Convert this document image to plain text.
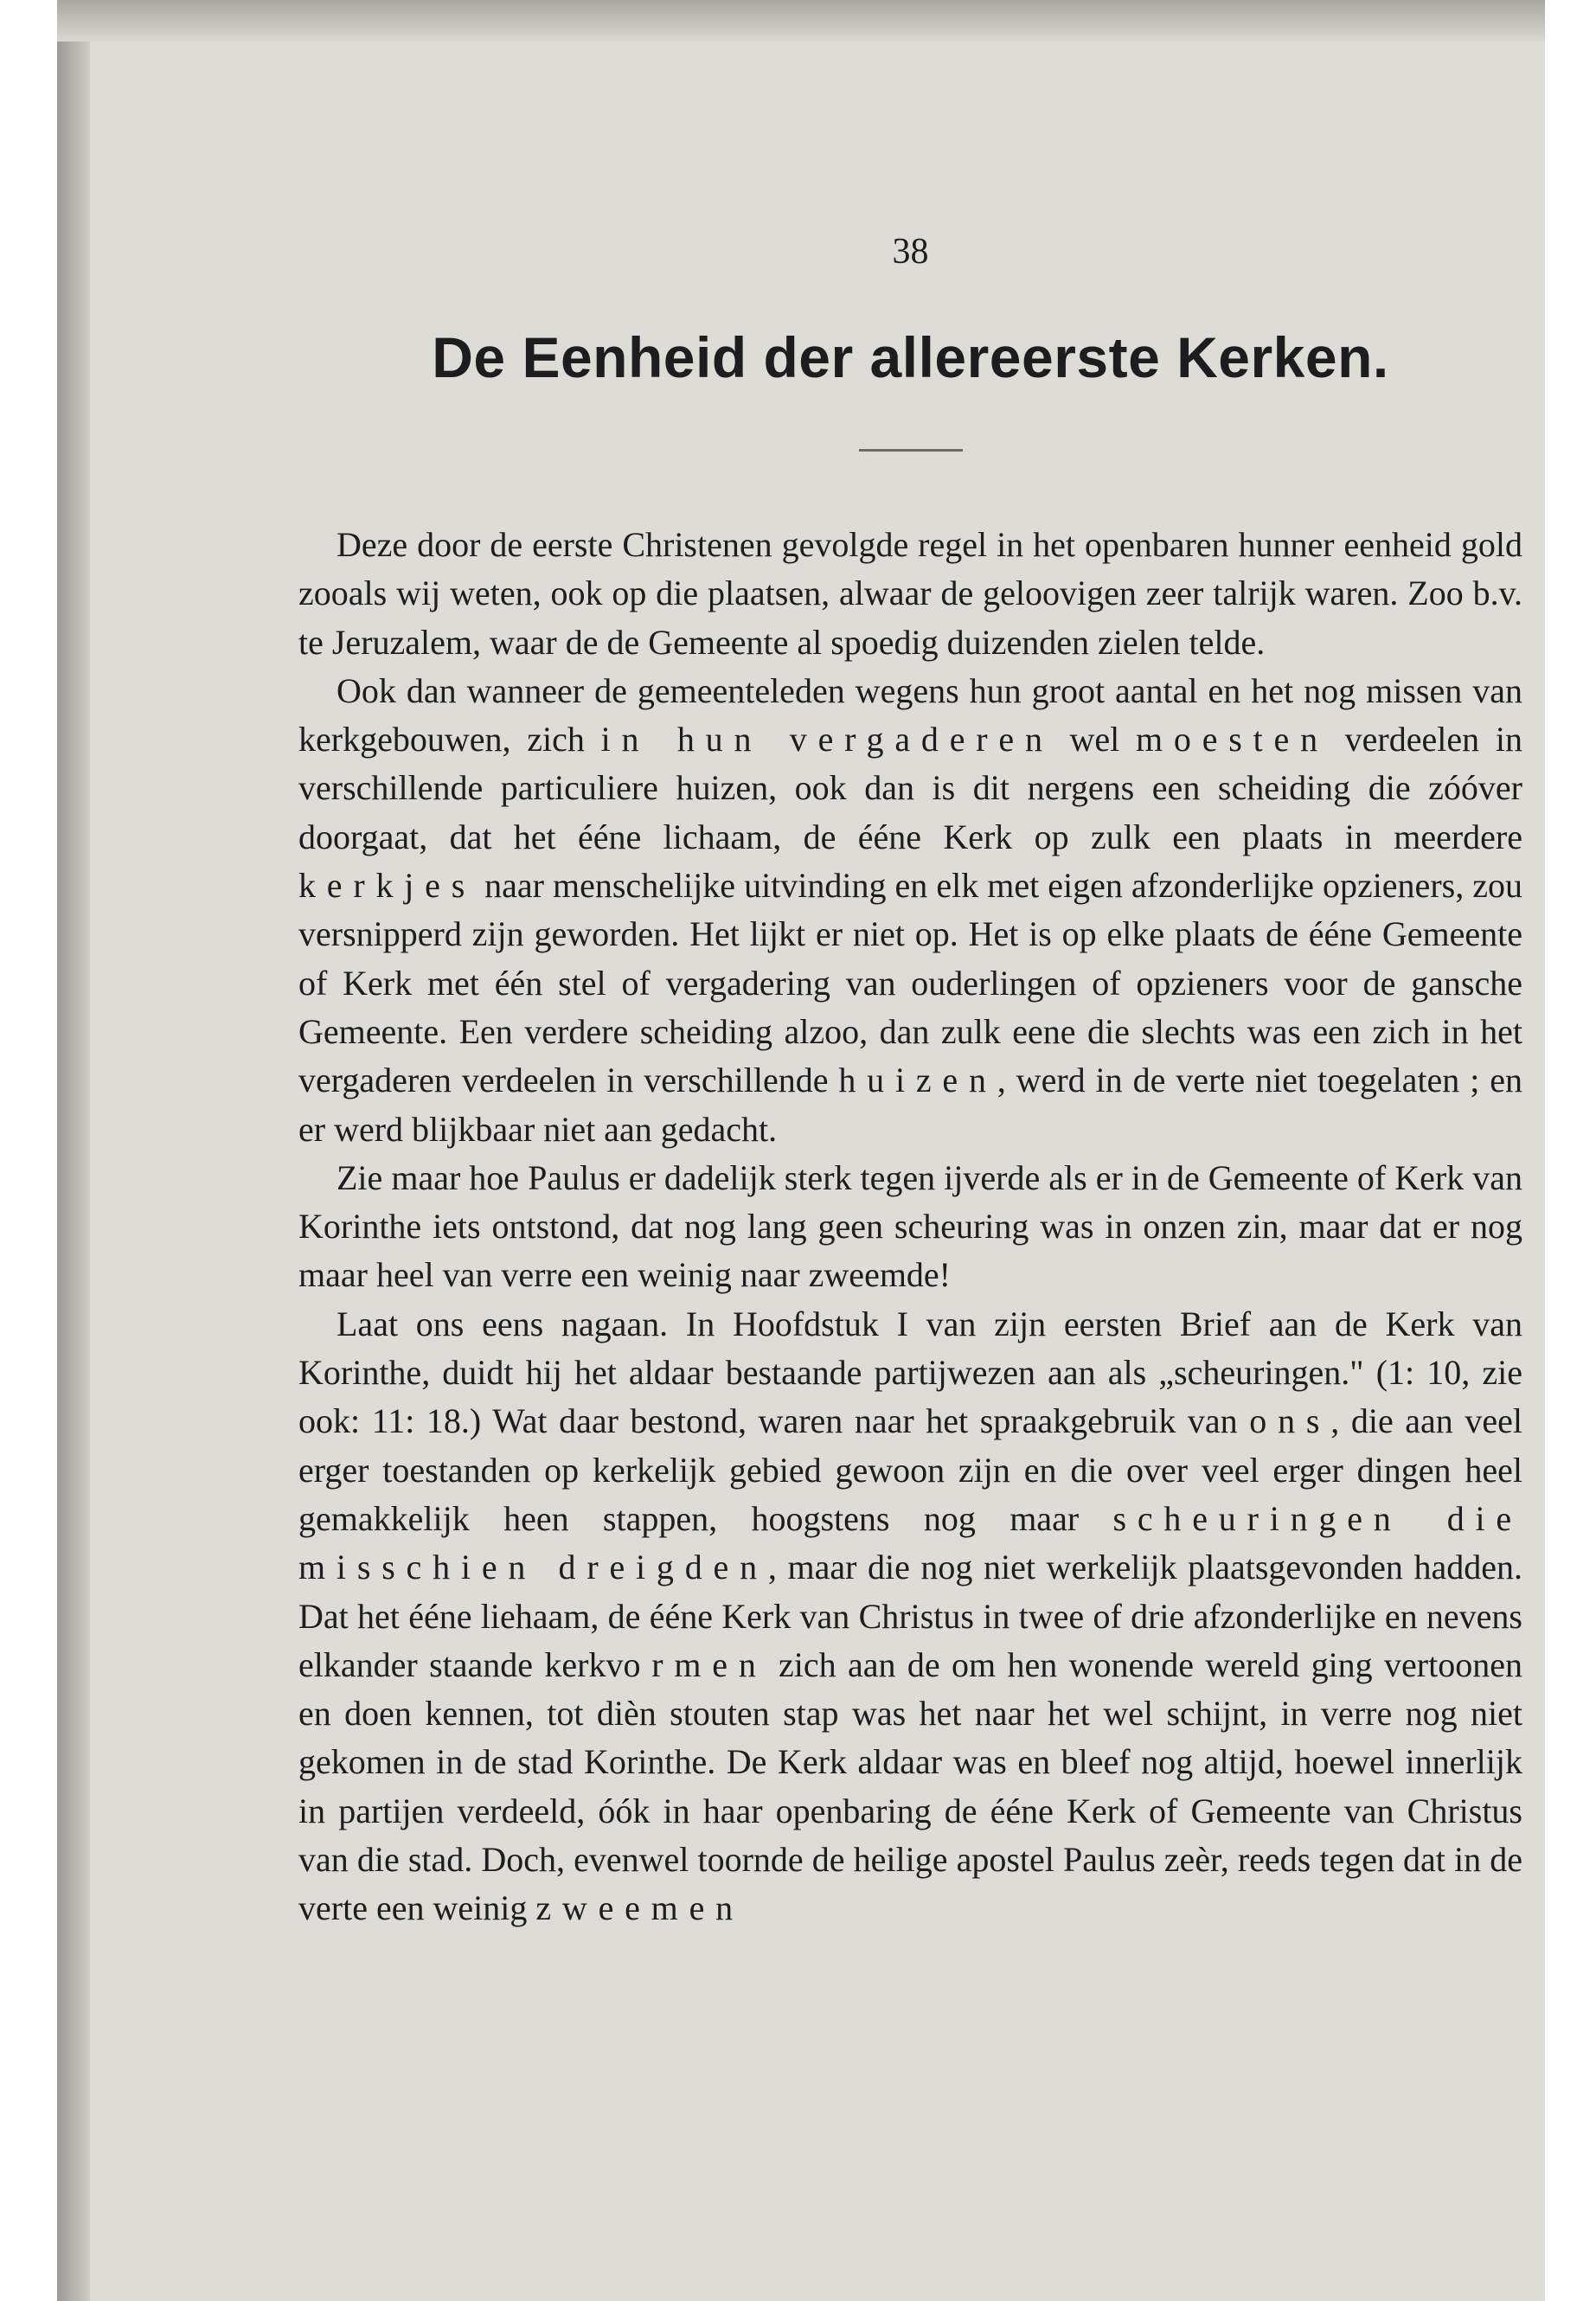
38

De Eenheid der allereerste Kerken.

Deze door de eerste Christenen gevolgde regel in het openbaren hunner eenheid gold zooals wij weten, ook op die plaatsen, alwaar de geloovigen zeer talrijk waren. Zoo b.v. te Jeruzalem, waar de de Gemeente al spoedig duizenden zielen telde.

Ook dan wanneer de gemeenteleden wegens hun groot aantal en het nog missen van kerkgebouwen, zich in hun vergaderen wel moesten verdeelen in verschillende particuliere huizen, ook dan is dit nergens een scheiding die zóóver doorgaat, dat het ééne lichaam, de ééne Kerk op zulk een plaats in meerdere kerkjes naar menschelijke uitvinding en elk met eigen afzonderlijke opzieners, zou versnipperd zijn geworden. Het lijkt er niet op. Het is op elke plaats de ééne Gemeente of Kerk met één stel of vergadering van ouderlingen of opzieners voor de gansche Gemeente. Een verdere scheiding alzoo, dan zulk eene die slechts was een zich in het vergaderen verdeelen in verschillende huizen, werd in de verte niet toegelaten ; en er werd blijkbaar niet aan gedacht.

Zie maar hoe Paulus er dadelijk sterk tegen ijverde als er in de Gemeente of Kerk van Korinthe iets ontstond, dat nog lang geen scheuring was in onzen zin, maar dat er nog maar heel van verre een weinig naar zweemde!

Laat ons eens nagaan. In Hoofdstuk I van zijn eersten Brief aan de Kerk van Korinthe, duidt hij het aldaar bestaande partijwezen aan als „scheuringen." (1: 10, zie ook: 11: 18.) Wat daar bestond, waren naar het spraakgebruik van ons, die aan veel erger toestanden op kerkelijk gebied gewoon zijn en die over veel erger dingen heel gemakkelijk heen stappen, hoogstens nog maar scheuringen die misschien dreigden, maar die nog niet werkelijk plaatsgevonden hadden. Dat het ééne liehaam, de ééne Kerk van Christus in twee of drie afzonderlijke en nevens elkander staande kerkvormen zich aan de om hen wonende wereld ging vertoonen en doen kennen, tot dièn stouten stap was het naar het wel schijnt, in verre nog niet gekomen in de stad Korinthe. De Kerk aldaar was en bleef nog altijd, hoewel innerlijk in partijen verdeeld, óók in haar openbaring de ééne Kerk of Gemeente van Christus van die stad. Doch, evenwel toornde de heilige apostel Paulus zeèr, reeds tegen dat in de verte een weinig zweemen
